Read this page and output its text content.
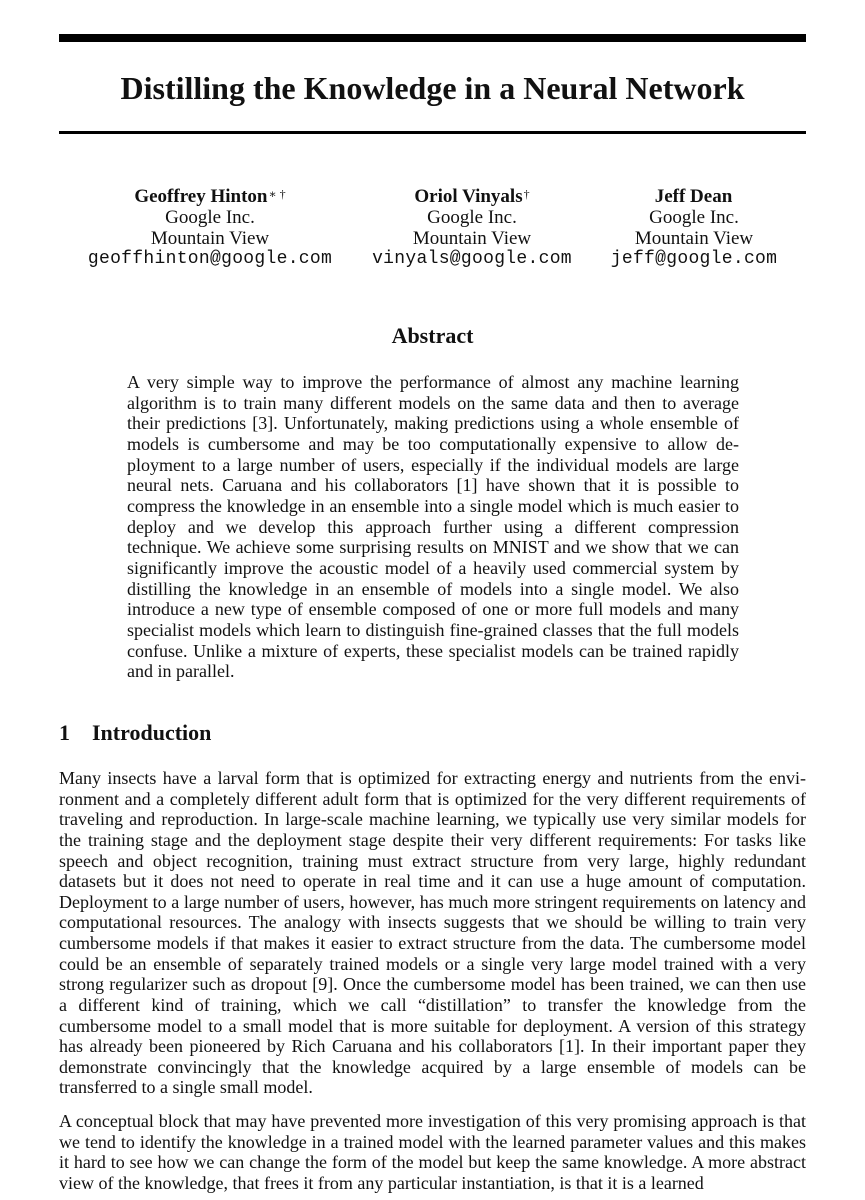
Distilling the Knowledge in a Neural Network
Geoffrey Hinton∗ †
Google Inc.
Mountain View
geoffhinton@google.com
Oriol Vinyals†
Google Inc.
Mountain View
vinyals@google.com
Jeff Dean
Google Inc.
Mountain View
jeff@google.com
Abstract

A very simple way to improve the performance of almost any machine learning algorithm is to train many different models on the same data and then to average their predictions [3]. Unfortunately, making predictions using a whole ensemble of models is cumbersome and may be too computationally expensive to allow deployment to a large number of users, especially if the individual models are large neural nets. Caruana and his collaborators [1] have shown that it is possible to compress the knowledge in an ensemble into a single model which is much easier to deploy and we develop this approach further using a different compression technique. We achieve some surprising results on MNIST and we show that we can significantly improve the acoustic model of a heavily used commercial system by distilling the knowledge in an ensemble of models into a single model. We also introduce a new type of ensemble composed of one or more full models and many specialist models which learn to distinguish fine-grained classes that the full models confuse. Unlike a mixture of experts, these specialist models can be trained rapidly and in parallel.

1 Introduction

Many insects have a larval form that is optimized for extracting energy and nutrients from the environment and a completely different adult form that is optimized for the very different requirements of traveling and reproduction. In large-scale machine learning, we typically use very similar models for the training stage and the deployment stage despite their very different requirements: For tasks like speech and object recognition, training must extract structure from very large, highly redundant datasets but it does not need to operate in real time and it can use a huge amount of computation. Deployment to a large number of users, however, has much more stringent requirements on latency and computational resources. The analogy with insects suggests that we should be willing to train very cumbersome models if that makes it easier to extract structure from the data. The cumbersome model could be an ensemble of separately trained models or a single very large model trained with a very strong regularizer such as dropout [9]. Once the cumbersome model has been trained, we can then use a different kind of training, which we call “distillation” to transfer the knowledge from the cumbersome model to a small model that is more suitable for deployment. A version of this strategy has already been pioneered by Rich Caruana and his collaborators [1]. In their important paper they demonstrate convincingly that the knowledge acquired by a large ensemble of models can be transferred to a single small model.

A conceptual block that may have prevented more investigation of this very promising approach is that we tend to identify the knowledge in a trained model with the learned parameter values and this makes it hard to see how we can change the form of the model but keep the same knowledge. A more abstract view of the knowledge, that frees it from any particular instantiation, is that it is a learned
